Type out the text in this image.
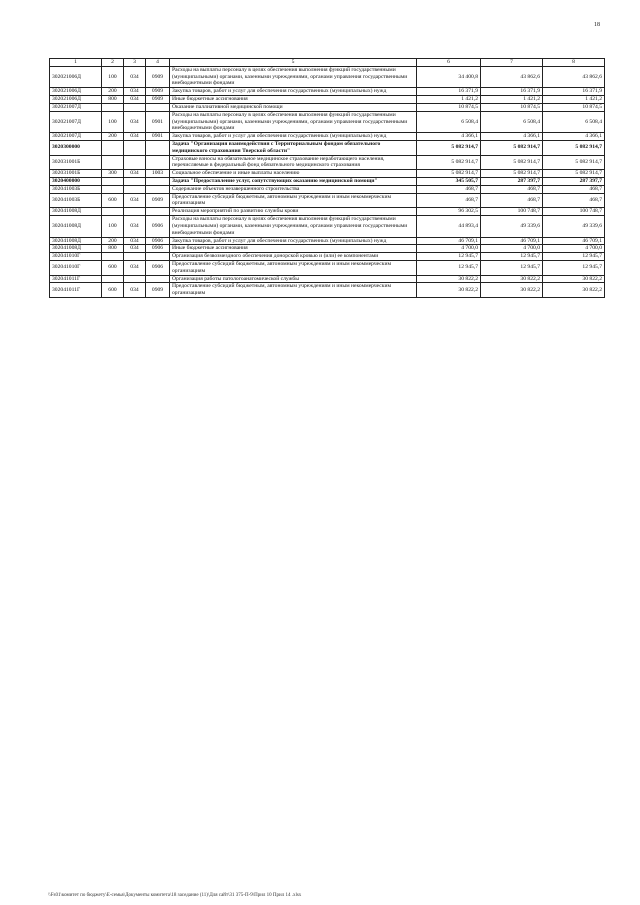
18
1	2	3	4	5	6	7	8
302021006Д	100	034	0909	Расходы на выплаты персоналу в целях обеспечения выполнения функций государственными (муниципальными) органами, казенными учреждениями, органами управления государственными внебюджетными фондами	34 400,8	43 862,6	43 862,6
302021006Д	200	034	0909	Закупка товаров, работ и услуг для обеспечения государственных (муниципальных) нужд	16 371,9	16 371,9	16 371,9
302021006Д	800	034	0909	Иные бюджетные ассигнования	1 421,2	1 421,2	1 421,2
302021007Д				Оказание паллиативной медицинской помощи	10 874,5	10 874,5	10 874,5
302021007Д	100	034	0901	Расходы на выплаты персоналу в целях обеспечения выполнения функций государственными (муниципальными) органами, казенными учреждениями, органами управления государственными внебюджетными фондами	6 508,4	6 508,4	6 508,4
302021007Д	200	034	0901	Закупка товаров, работ и услуг для обеспечения государственных (муниципальных) нужд	4 366,1	4 366,1	4 366,1
3020300000				Задача "Организация взаимодействия с Территориальным фондом обязательного медицинского страхования Тверской области"	5 082 914,7	5 082 914,7	5 082 914,7
302031001Б				Страховые взносы на обязательное медицинское страхование неработающего населения, перечисляемые в федеральный фонд обязательного медицинского страхования	5 082 914,7	5 082 914,7	5 082 914,7
302031001Б	300	034	1003	Социальное обеспечение и иные выплаты населению	5 082 914,7	5 082 914,7	5 082 914,7
3020400000				Задача "Предоставление услуг, сопутствующих оказанию медицинской помощи"	345 505,7	287 397,7	287 397,7
302041003Б				Содержание объектов незавершенного строительства	468,7	468,7	468,7
302041003Б	600	034	0909	Предоставление субсидий бюджетным, автономным учреждениям и иным некоммерческим организациям	468,7	468,7	468,7
302041008Д				Реализация мероприятий по развитию службы крови	96 302,5	100 748,7	100 748,7
302041008Д	100	034	0906	Расходы на выплаты персоналу в целях обеспечения выполнения функций государственными (муниципальными) органами, казенными учреждениями, органами управления государственными внебюджетными фондами	44 893,4	49 339,6	49 339,6
302041008Д	200	034	0906	Закупка товаров, работ и услуг для обеспечения государственных (муниципальных) нужд	46 709,1	46 709,1	46 709,1
302041008Д	800	034	0906	Иные бюджетные ассигнования	4 700,0	4 700,0	4 700,0
302041010Г				Организация безвозмездного обеспечения донорской кровью и (или) ее компонентами	12 945,7	12 945,7	12 945,7
302041010Г	600	034	0906	Предоставление субсидий бюджетным, автономным учреждениям и иным некоммерческим организациям	12 945,7	12 945,7	12 945,7
302041011Г				Организация работы патологоанатомической службы	30 822,2	30 822,2	30 822,2
302041011Г	600	034	0909	Предоставление субсидий бюджетным, автономным учреждениям и иным некоммерческим организациям	30 822,2	30 822,2	30 822,2
\\Fs01\комитет по бюджету\Е-семья\Документы комитета\18 заседание (11)\Для сайт\31 375-П-9\Прил 10 Прил 14 .xlsx
